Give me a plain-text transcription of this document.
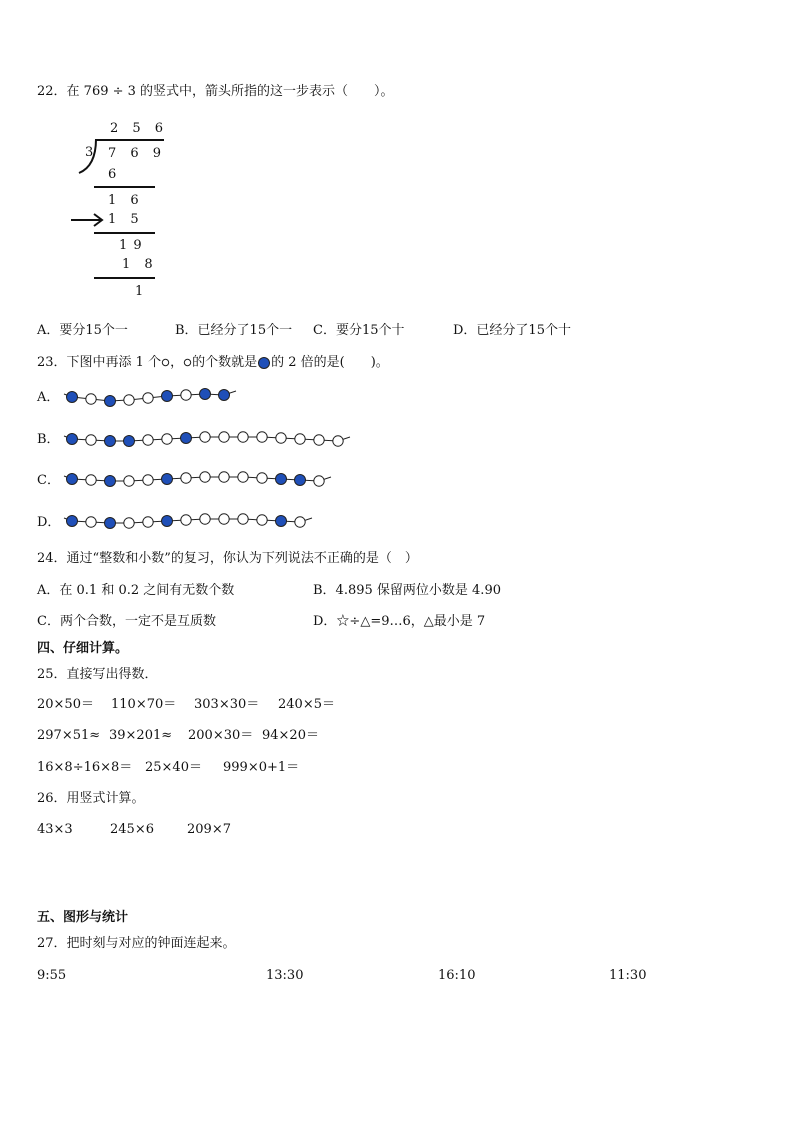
22．在 769 ÷ 3 的竖式中，箭头所指的这一步表示（　　）。
2 5 6
3 7 6 9
6
1 6
1 5
1 9
1 8
1
A．要分15个一	B．已经分了15个一 C．要分15个十	D．已经分了15个十
23．下图中再添 1 个 ， 的个数就是 的 2 倍的是(　　)。
A．
B．
C．
D．
24．通过“整数和小数”的复习，你认为下列说法不正确的是（　）
A．在 0.1 和 0.2 之间有无数个数	B．4.895 保留两位小数是 4.90
C．两个合数，一定不是互质数	D．☆÷△=9…6，△最小是 7
四、仔细计算。
25．直接写出得数．
20×50＝ 110×70＝ 303×30＝ 240×5＝
297×51≈ 39×201≈ 200×30＝ 94×20＝
16×8÷16×8＝ 25×40＝ 999×0+1＝
26．用竖式计算。
43×3	245×6	209×7
五、图形与统计
27．把时刻与对应的钟面连起来。
9:55	13:30	16:10	11:30
